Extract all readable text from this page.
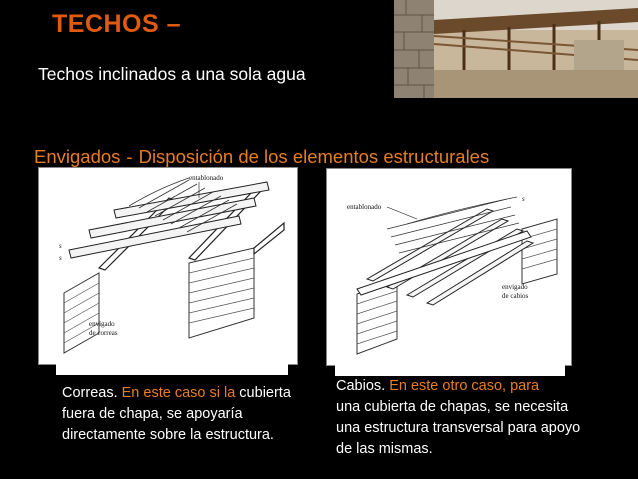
TECHOS –

Techos inclinados a una sola agua

Envigados - Disposición de los elementos estructurales

entablonado
s
s
envigado
de correas
entablonado
s
envigado
de cabios

Correas. En este caso si la cubierta fuera de chapa, se apoyaría directamente sobre la estructura.

Cabios. En este otro caso, para
una cubierta de chapas, se necesita una estructura transversal para apoyo de las mismas.
